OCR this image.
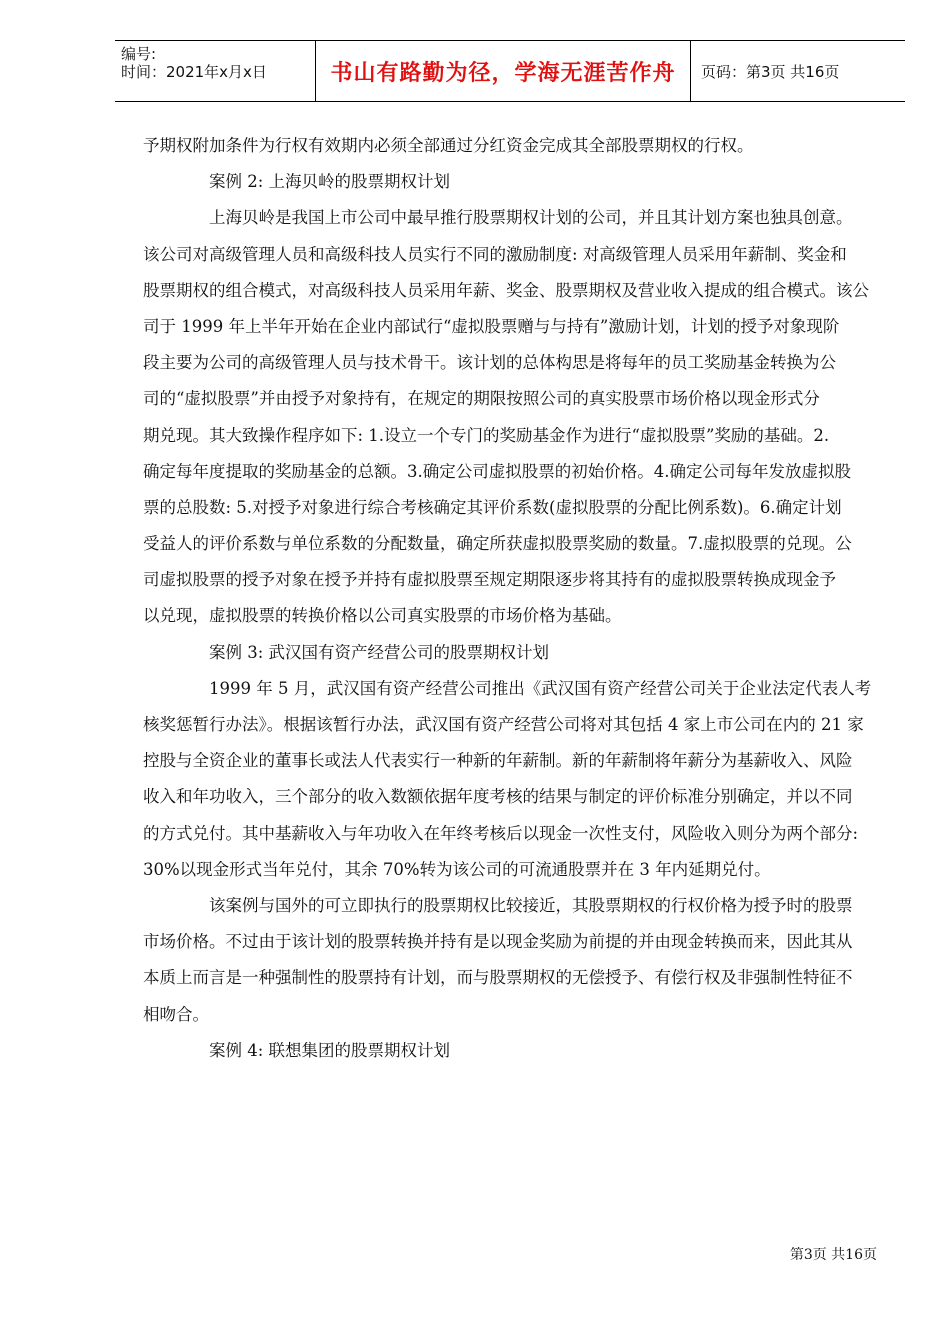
编号:
时间：2021年x月x日	书山有路勤为径，学海无涯苦作舟	页码：第3页 共16页
予期权附加条件为行权有效期内必须全部通过分红资金完成其全部股票期权的行权。
案例 2: 上海贝岭的股票期权计划
上海贝岭是我国上市公司中最早推行股票期权计划的公司，并且其计划方案也独具创意。
该公司对高级管理人员和高级科技人员实行不同的激励制度: 对高级管理人员采用年薪制、奖金和
股票期权的组合模式，对高级科技人员采用年薪、奖金、股票期权及营业收入提成的组合模式。该公
司于 1999 年上半年开始在企业内部试行“虚拟股票赠与与持有”激励计划，计划的授予对象现阶
段主要为公司的高级管理人员与技术骨干。该计划的总体构思是将每年的员工奖励基金转换为公
司的“虚拟股票”并由授予对象持有，在规定的期限按照公司的真实股票市场价格以现金形式分
期兑现。其大致操作程序如下: 1.设立一个专门的奖励基金作为进行“虚拟股票”奖励的基础。2.
确定每年度提取的奖励基金的总额。3.确定公司虚拟股票的初始价格。4.确定公司每年发放虚拟股
票的总股数: 5.对授予对象进行综合考核确定其评价系数(虚拟股票的分配比例系数)。6.确定计划
受益人的评价系数与单位系数的分配数量，确定所获虚拟股票奖励的数量。7.虚拟股票的兑现。公
司虚拟股票的授予对象在授予并持有虚拟股票至规定期限逐步将其持有的虚拟股票转换成现金予
以兑现，虚拟股票的转换价格以公司真实股票的市场价格为基础。
案例 3: 武汉国有资产经营公司的股票期权计划
1999 年 5 月，武汉国有资产经营公司推出《武汉国有资产经营公司关于企业法定代表人考
核奖惩暂行办法》。根据该暂行办法，武汉国有资产经营公司将对其包括 4 家上市公司在内的 21 家
控股与全资企业的董事长或法人代表实行一种新的年薪制。新的年薪制将年薪分为基薪收入、风险
收入和年功收入，三个部分的收入数额依据年度考核的结果与制定的评价标准分别确定，并以不同
的方式兑付。其中基薪收入与年功收入在年终考核后以现金一次性支付，风险收入则分为两个部分:
30%以现金形式当年兑付，其余 70%转为该公司的可流通股票并在 3 年内延期兑付。
该案例与国外的可立即执行的股票期权比较接近，其股票期权的行权价格为授予时的股票
市场价格。不过由于该计划的股票转换并持有是以现金奖励为前提的并由现金转换而来，因此其从
本质上而言是一种强制性的股票持有计划，而与股票期权的无偿授予、有偿行权及非强制性特征不
相吻合。
案例 4: 联想集团的股票期权计划
第3页 共16页
